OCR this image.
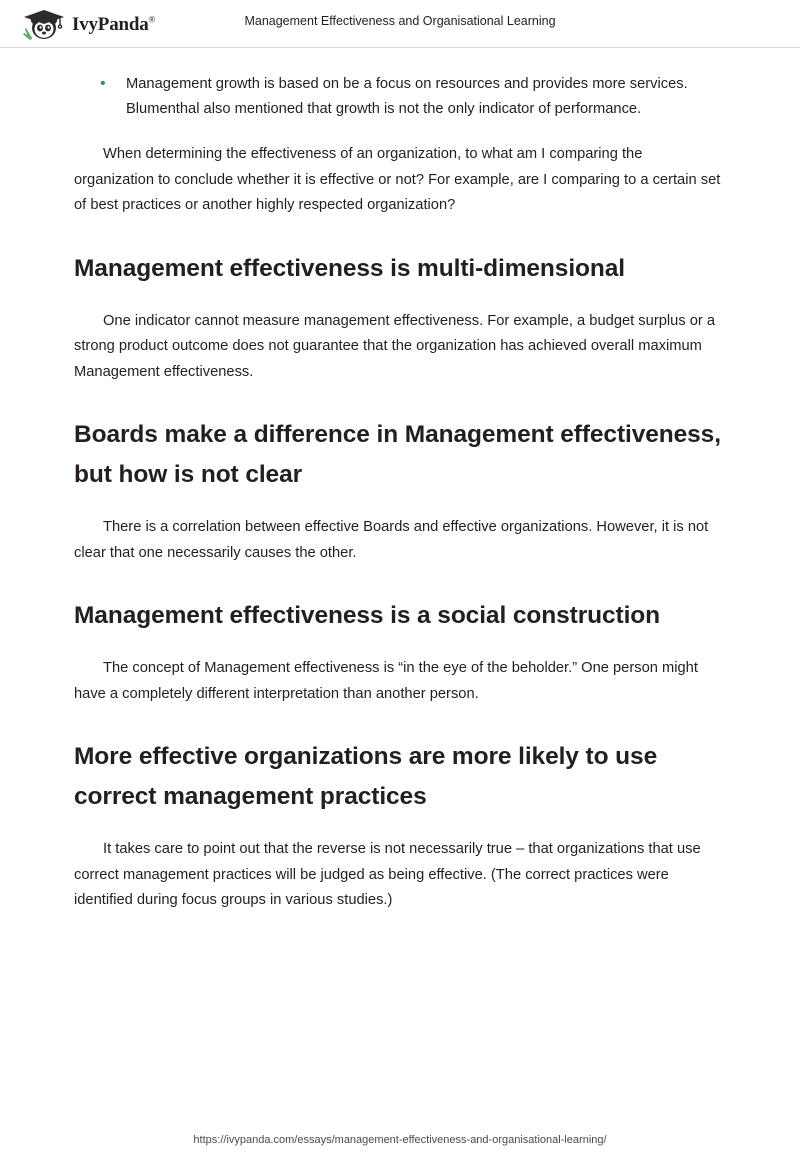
IvyPanda®	Management Effectiveness and Organisational Learning
• Management growth is based on be a focus on resources and provides more services. Blumenthal also mentioned that growth is not the only indicator of performance.

When determining the effectiveness of an organization, to what am I comparing the organization to conclude whether it is effective or not? For example, are I comparing to a certain set of best practices or another highly respected organization?

Management effectiveness is multi-dimensional

One indicator cannot measure management effectiveness. For example, a budget surplus or a strong product outcome does not guarantee that the organization has achieved overall maximum Management effectiveness.

Boards make a difference in Management effectiveness, but how is not clear

There is a correlation between effective Boards and effective organizations. However, it is not clear that one necessarily causes the other.

Management effectiveness is a social construction

The concept of Management effectiveness is “in the eye of the beholder.” One person might have a completely different interpretation than another person.

More effective organizations are more likely to use correct management practices

It takes care to point out that the reverse is not necessarily true – that organizations that use correct management practices will be judged as being effective. (The correct practices were identified during focus groups in various studies.)

https://ivypanda.com/essays/management-effectiveness-and-organisational-learning/
